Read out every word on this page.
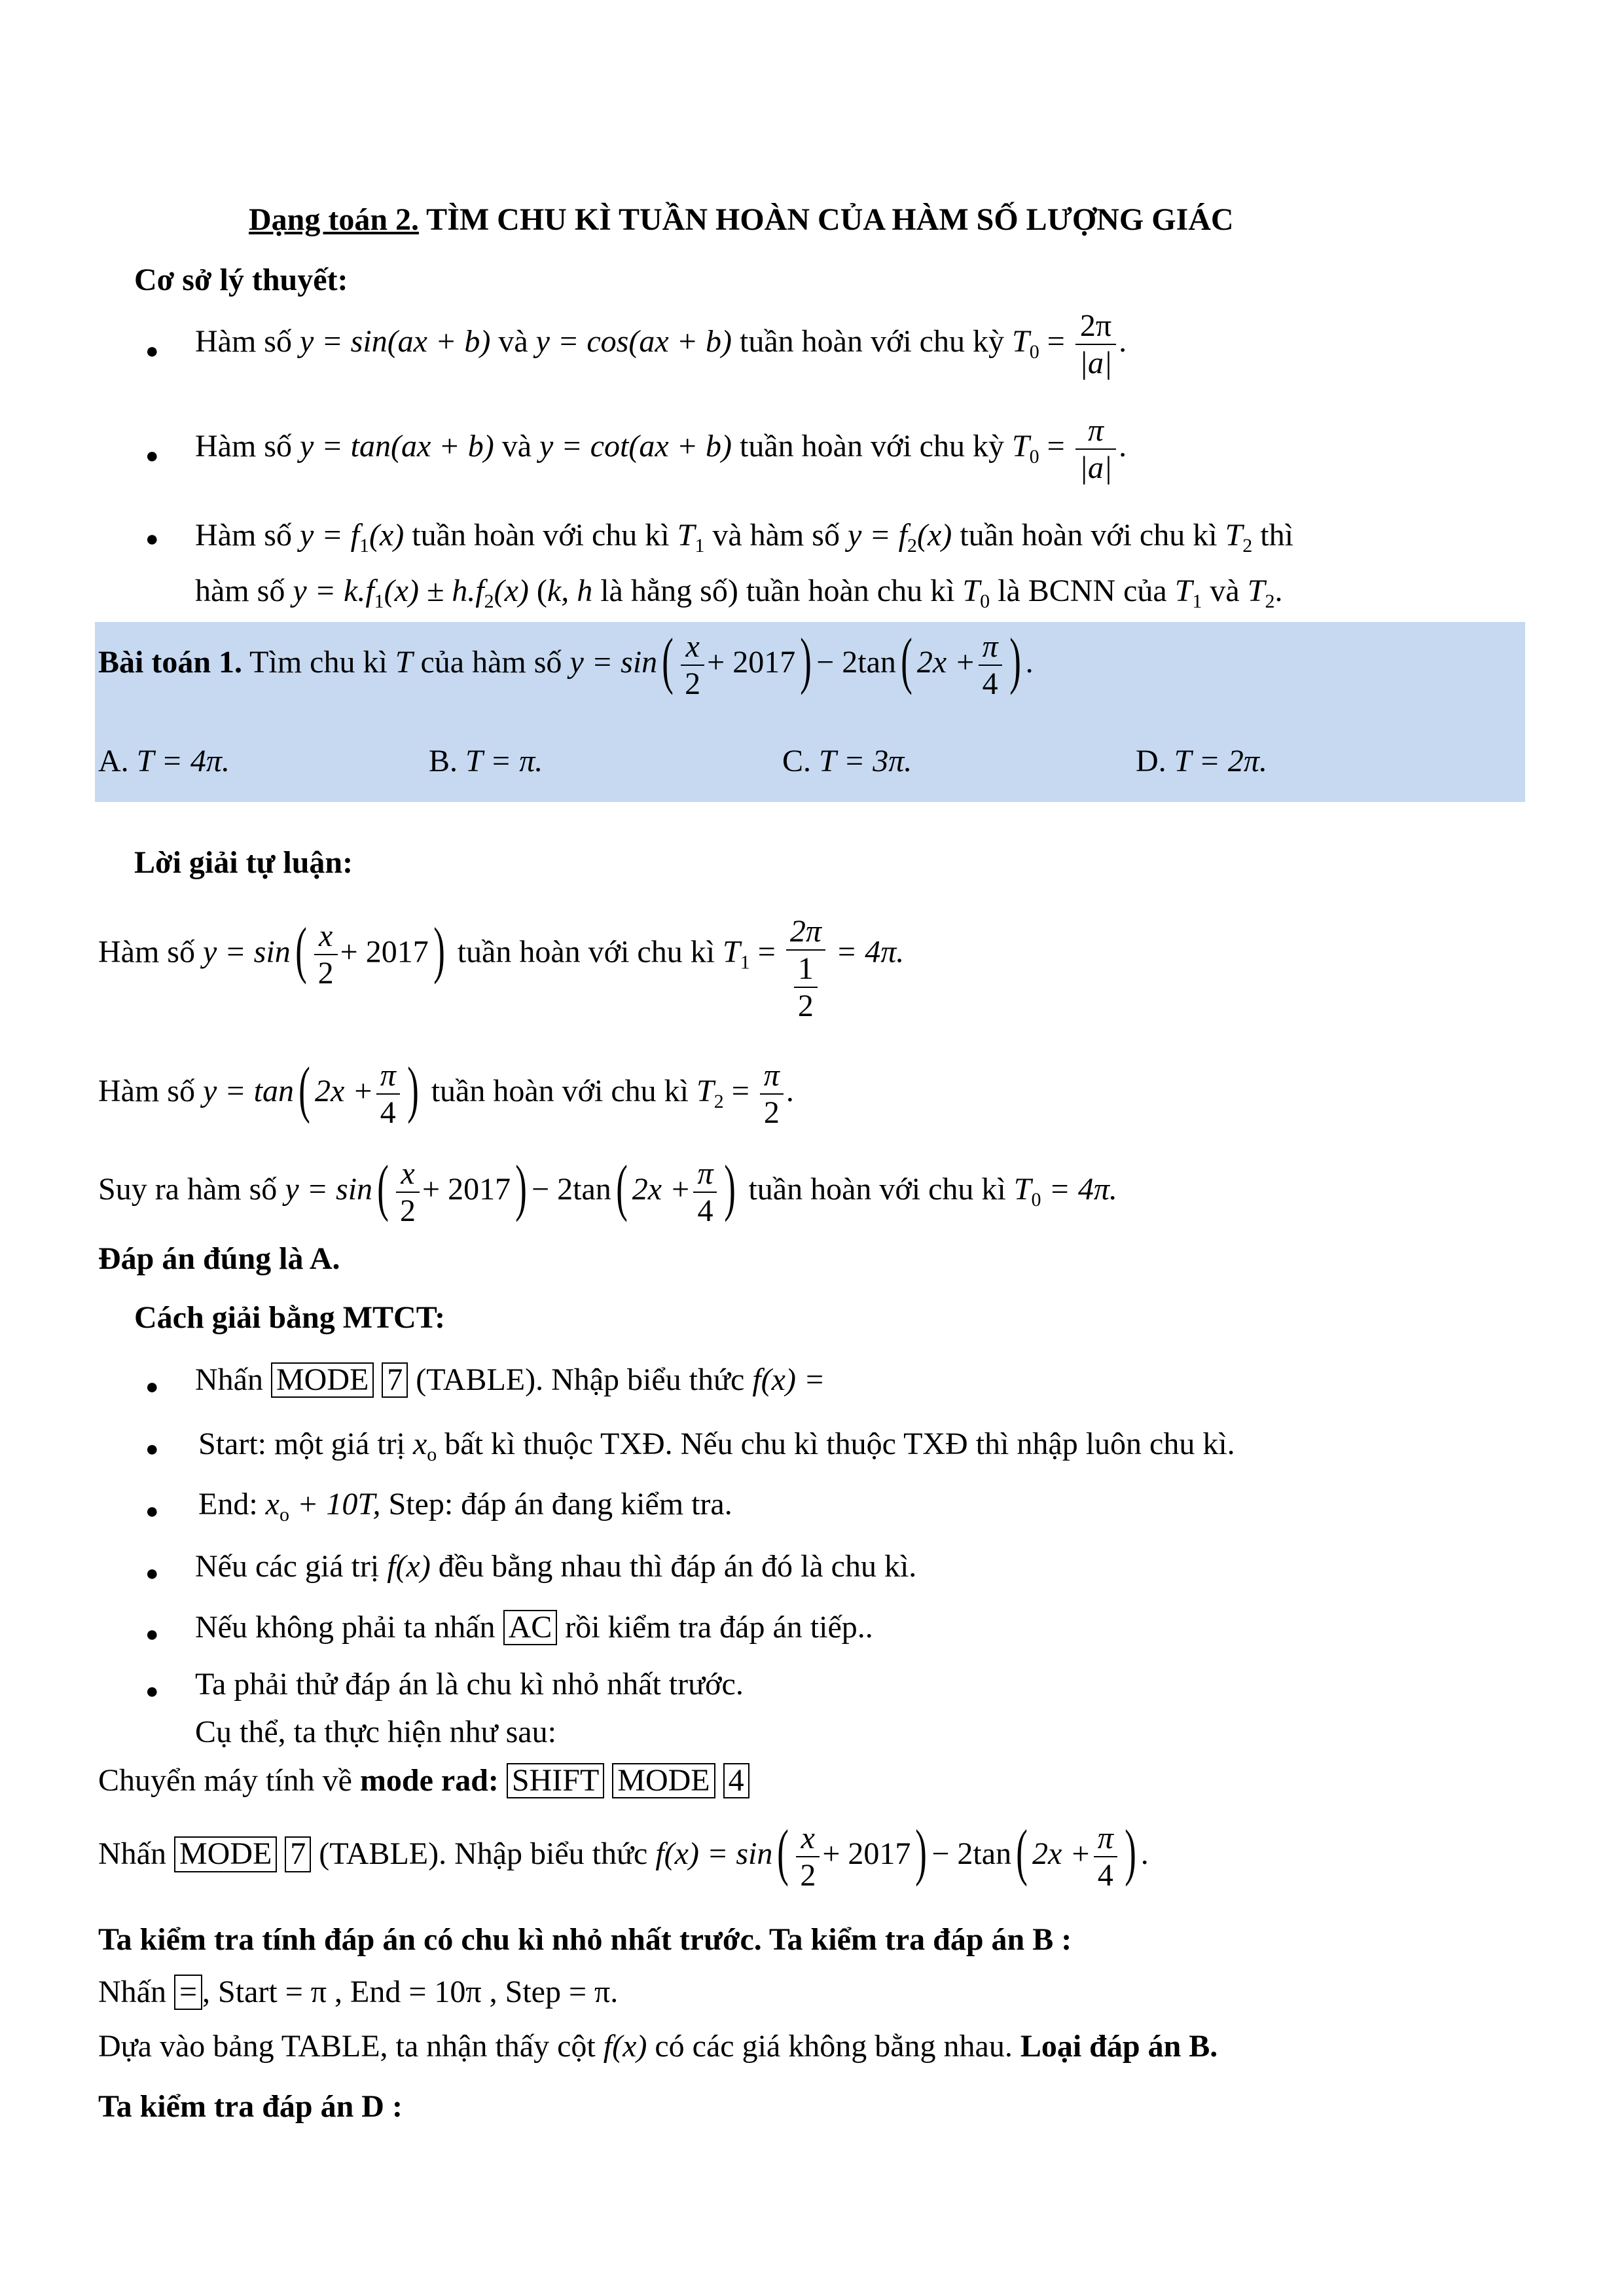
Dạng toán 2. TÌM CHU KÌ TUẦN HOÀN CỦA HÀM SỐ LƯỢNG GIÁC
Cơ sở lý thuyết:
● Hàm số y = sin(ax + b) và y = cos(ax + b) tuần hoàn với chu kỳ $T_0 = \frac{2\pi}{|a|}$ .
● Hàm số y = tan(ax + b) và y = cot(ax + b) tuần hoàn với chu kỳ $T_0 = \frac{\pi}{|a|}$ .
● Hàm số $y = f_1(x)$ tuần hoàn với chu kì $T_1$ và hàm số $y = f_2(x)$ tuần hoàn với chu kì $T_2$ thì
hàm số $y = k.f_1(x) \pm h.f_2(x)$ (k, h là hằng số) tuần hoàn chu kì $T_0$ là BCNN của $T_1$ và $T_2$.
Bài toán 1. Tìm chu kì T của hàm số $y = \sin( \frac{x}{2} + 2017) - 2\tan$( $2x + \frac{\pi}{4}$ ) .
A. T = 4π.	B. T = π.	C. T = 3π.	D. T = 2π.
Lời giải tự luận:
Hàm số $y = \sin( \frac{x}{2} + 2017)$ tuần hoàn với chu kì $T_1 = \frac{2\pi}{\frac{1}{2}} = 4\pi$.
Hàm số y = tan( $2x + \frac{\pi}{4}$ ) tuần hoàn với chu kì $T_2 = \frac{\pi}{2}$ .
Suy ra hàm số $y = \sin( \frac{x}{2} + 2017) - 2\tan$( $2x + \frac{\pi}{4}$ ) tuần hoàn với chu kì $T_0 = 4\pi$.
Đáp án đúng là A.
Cách giải bằng MTCT:
● Nhấn MODE 7 (TABLE). Nhập biểu thức f(x) =
● Start: một giá trị $x_o$ bất kì thuộc TXĐ. Nếu chu kì thuộc TXĐ thì nhập luôn chu kì.
● End: $x_o + 10T$, Step: đáp án đang kiểm tra.
● Nếu các giá trị f(x) đều bằng nhau thì đáp án đó là chu kì.
● Nếu không phải ta nhấn AC rồi kiểm tra đáp án tiếp..
● Ta phải thử đáp án là chu kì nhỏ nhất trước.
Cụ thể, ta thực hiện như sau:
Chuyển máy tính về mode rad: SHIFT MODE 4
Nhấn MODE 7 (TABLE). Nhập biểu thức $f(x) = \sin( \frac{x}{2} + 2017) - 2\tan$( $2x + \frac{\pi}{4}$ ) .
Ta kiểm tra tính đáp án có chu kì nhỏ nhất trước. Ta kiểm tra đáp án B :
Nhấn = , Start = π , End = 10π , Step = π.
Dựa vào bảng TABLE, ta nhận thấy cột f(x) có các giá không bằng nhau. Loại đáp án B.
Ta kiểm tra đáp án D :
